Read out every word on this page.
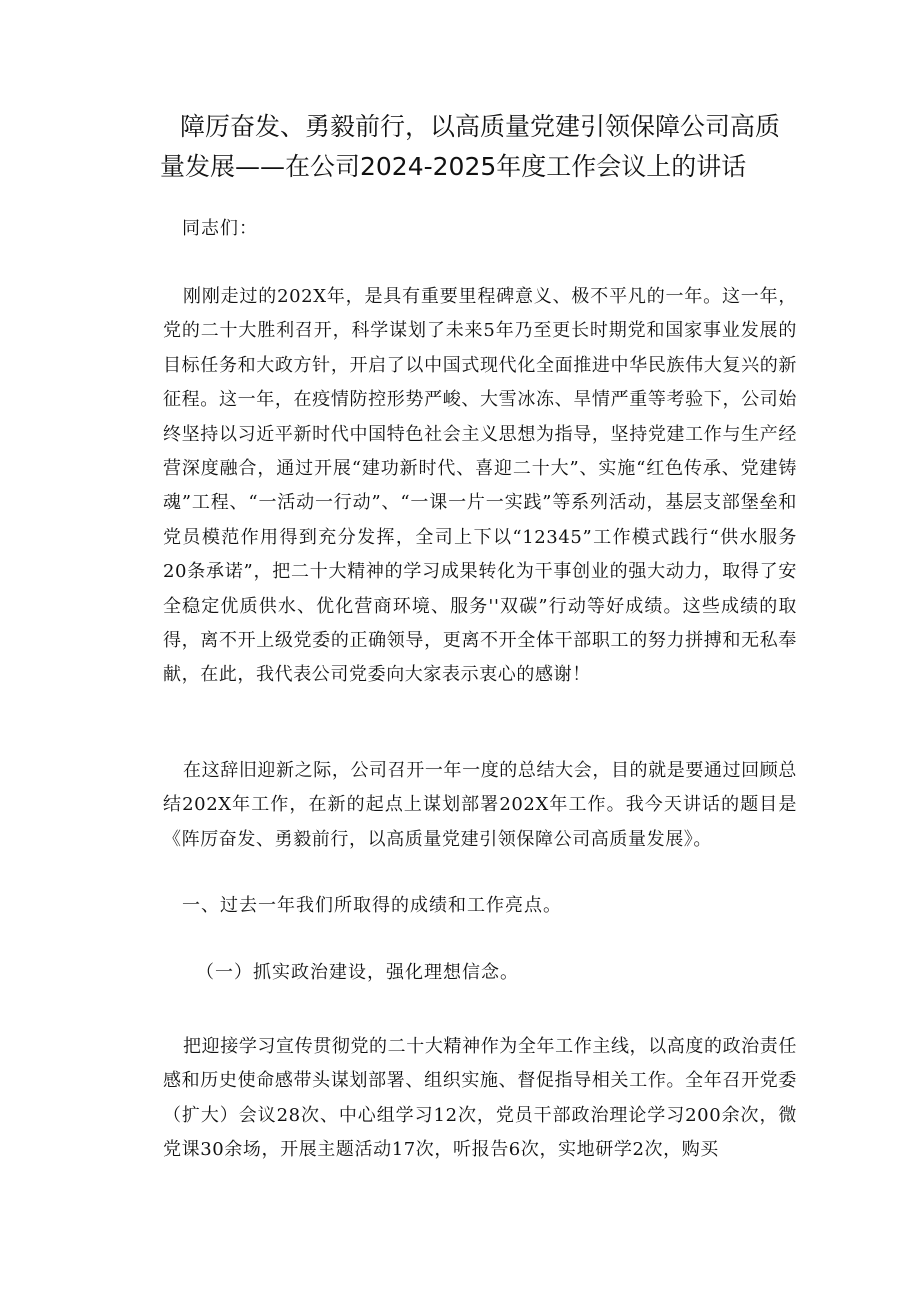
障厉奋发、勇毅前行，以高质量党建引领保障公司高质量发展——在公司2024-2025年度工作会议上的讲话

同志们：

刚刚走过的202X年，是具有重要里程碑意义、极不平凡的一年。这一年，党的二十大胜利召开，科学谋划了未来5年乃至更长时期党和国家事业发展的目标任务和大政方针，开启了以中国式现代化全面推进中华民族伟大复兴的新征程。这一年，在疫情防控形势严峻、大雪冰冻、旱情严重等考验下，公司始终坚持以习近平新时代中国特色社会主义思想为指导，坚持党建工作与生产经营深度融合，通过开展“建功新时代、喜迎二十大”、实施“红色传承、党建铸魂”工程、“一活动一行动”、“一课一片一实践”等系列活动，基层支部堡垒和党员模范作用得到充分发挥，全司上下以“12345”工作模式践行“供水服务20条承诺”，把二十大精神的学习成果转化为干事创业的强大动力，取得了安全稳定优质供水、优化营商环境、服务''双碳”行动等好成绩。这些成绩的取得，离不开上级党委的正确领导，更离不开全体干部职工的努力拼搏和无私奉献，在此，我代表公司党委向大家表示衷心的感谢！

在这辞旧迎新之际，公司召开一年一度的总结大会，目的就是要通过回顾总结202X年工作，在新的起点上谋划部署202X年工作。我今天讲话的题目是《阵厉奋发、勇毅前行，以高质量党建引领保障公司高质量发展》。

一、过去一年我们所取得的成绩和工作亮点。

（一）抓实政治建设，强化理想信念。

把迎接学习宣传贯彻党的二十大精神作为全年工作主线，以高度的政治责任感和历史使命感带头谋划部署、组织实施、督促指导相关工作。全年召开党委（扩大）会议28次、中心组学习12次，党员干部政治理论学习200余次，微党课30余场，开展主题活动17次，听报告6次，实地研学2次，购买
